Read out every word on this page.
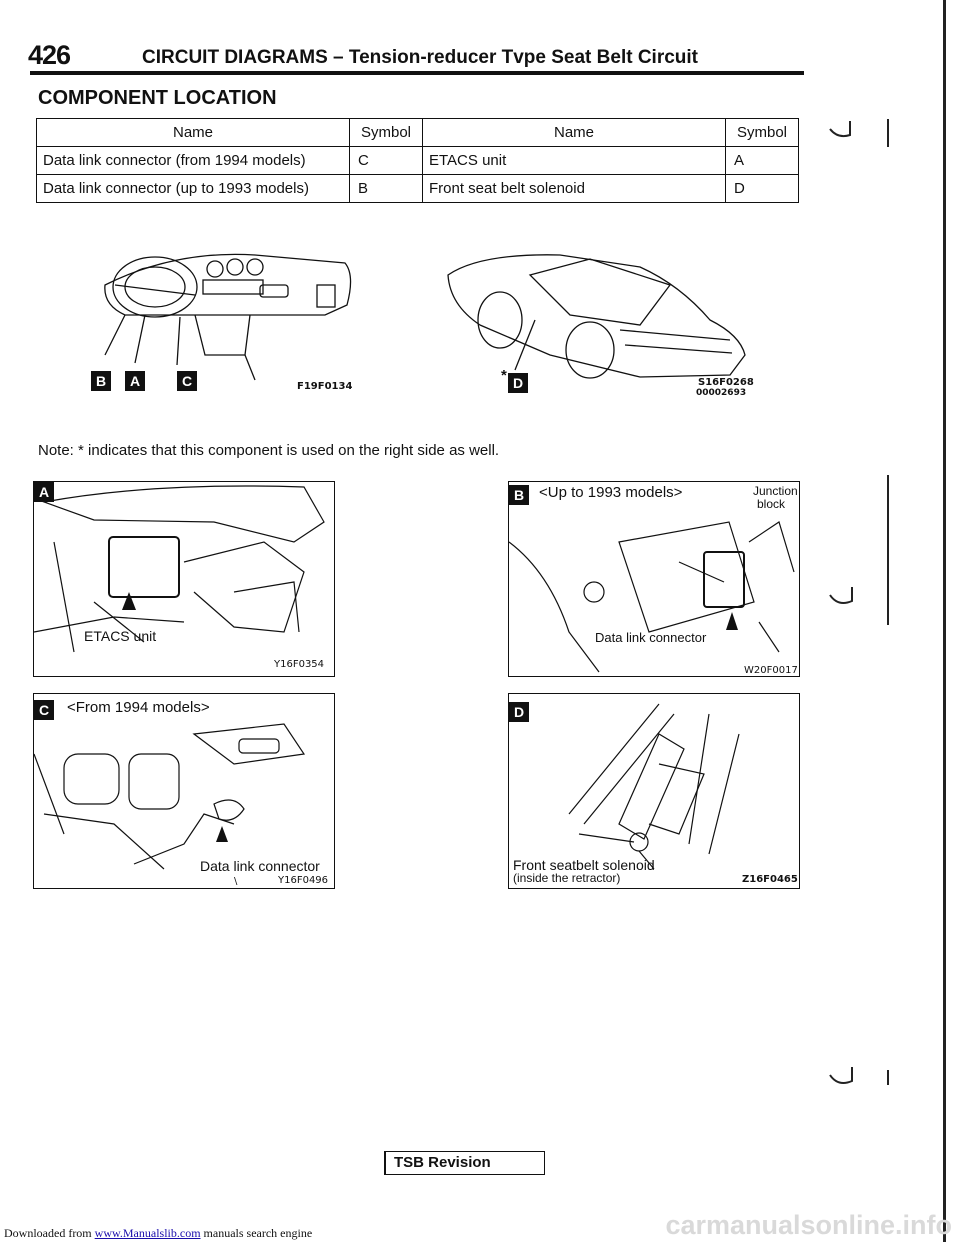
426	CIRCUIT DIAGRAMS – Tension-reducer Tvpe Seat Belt Circuit
COMPONENT LOCATION
Name	Symbol	Name	Symbol
Data link connector (from 1994 models)	C	ETACS unit	A
Data link connector (up to 1993 models)	B	Front seat belt solenoid	D
B	A	C	F19F0134
* D	S16F0268
00002693
Note: * indicates that this component is used on the right side as well.
A
ETACS unit
Y16F0354
C	<From 1994 models>
Data link connector
\	Y16F0496
B <Up to 1993 models>	Junction
block
Data link connector
W20F0017
D
Front seatbelt solenoid
(inside the retractor)	Z16F0465
TSB Revision
Downloaded from www.Manualslib.com manuals search engine	carmanualsonline.info
